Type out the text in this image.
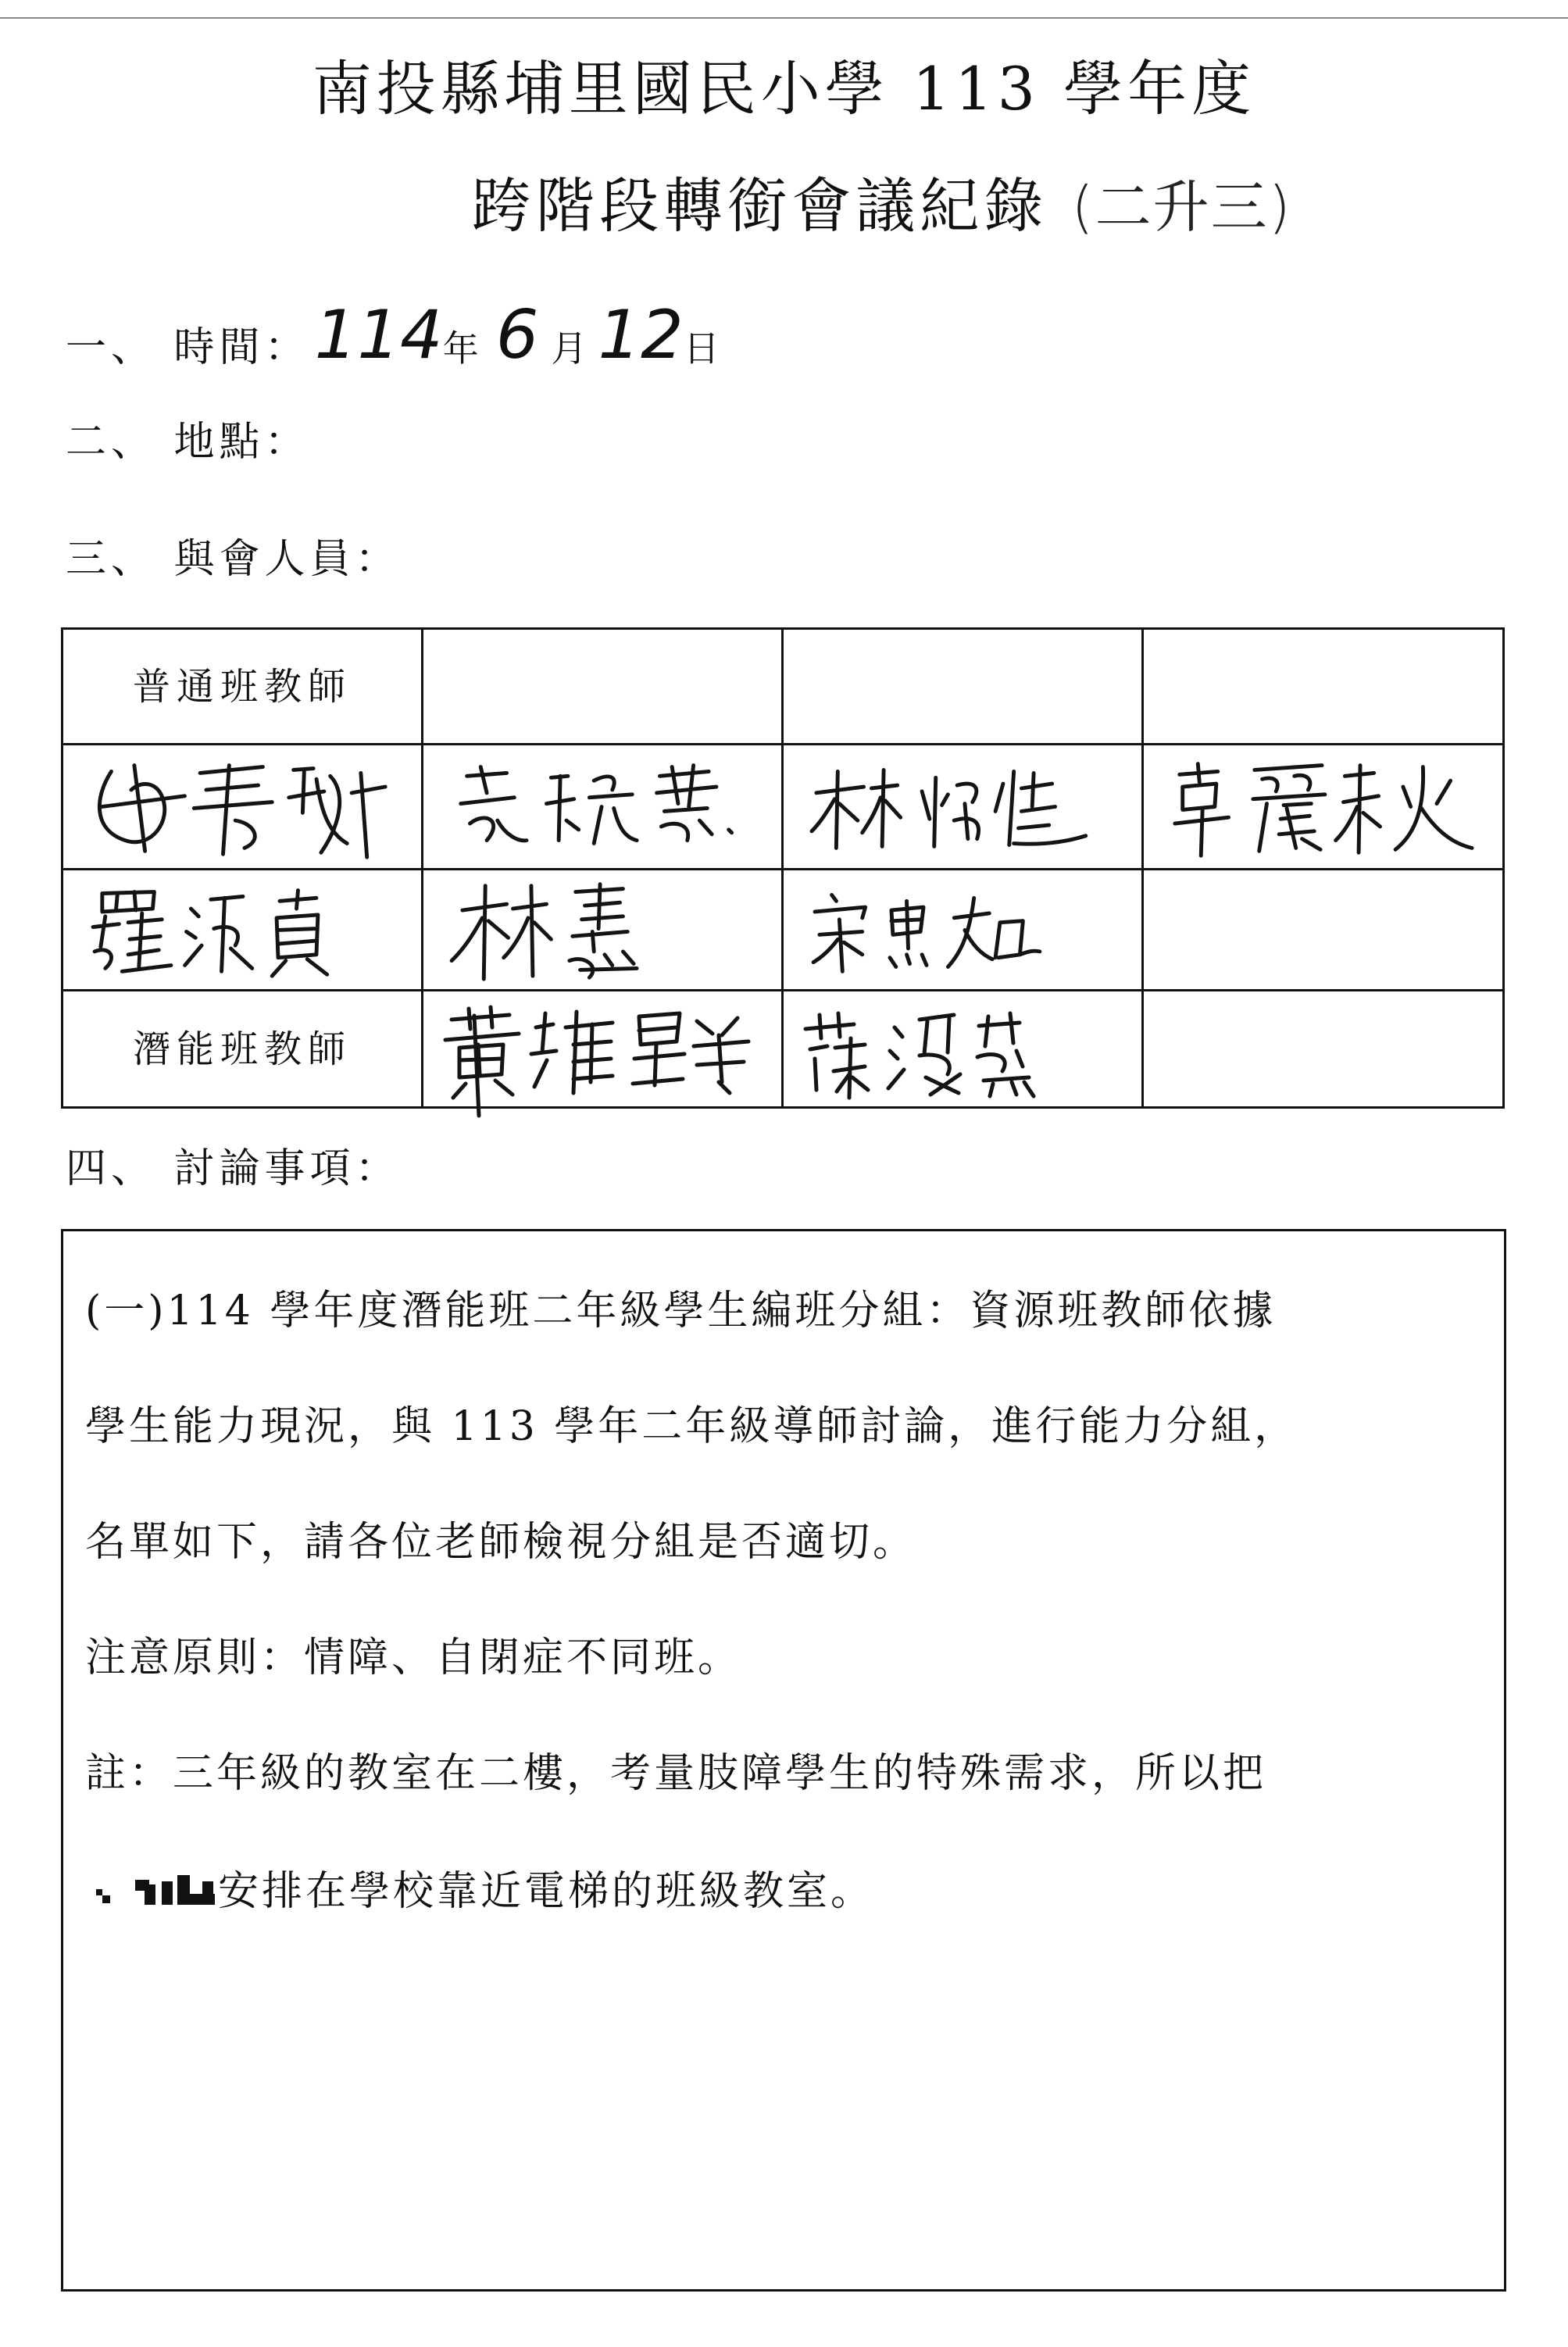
南投縣埔里國民小學 113 學年度
跨階段轉銜會議紀錄 (二升三)
一、 時間：114年 6 月 12日
二、 地點：
三、 與會人員：
普通班教師
潛能班教師
四、 討論事項：
(一)114 學年度潛能班二年級學生編班分組：資源班教師依據
學生能力現況，與 113 學年二年級導師討論，進行能力分組，
名單如下，請各位老師檢視分組是否適切。
注意原則：情障、自閉症不同班。
註：三年級的教室在二樓，考量肢障學生的特殊需求，所以把
安排在學校靠近電梯的班級教室。
